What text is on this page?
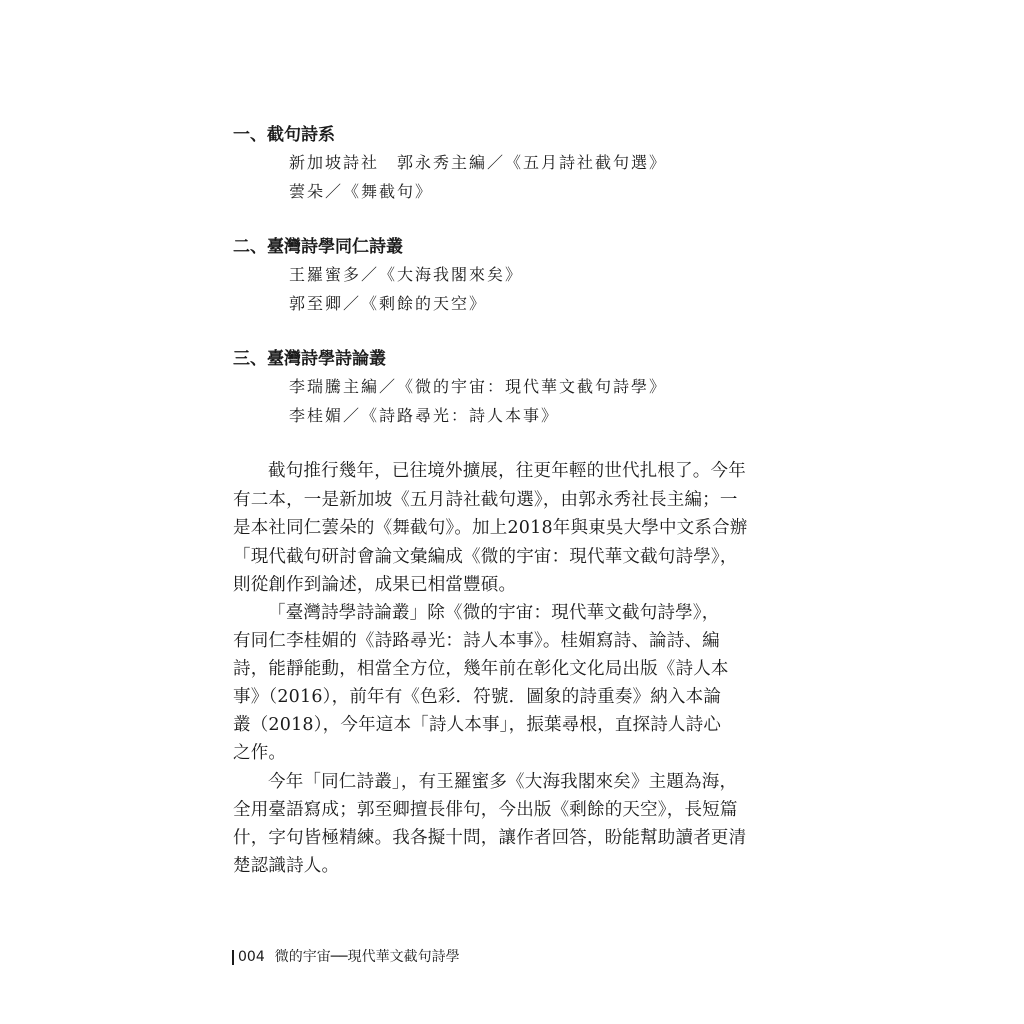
一、截句詩系
新加坡詩社　郭永秀主編／《五月詩社截句選》
蕓朵／《舞截句》
二、臺灣詩學同仁詩叢
王羅蜜多／《大海我閣來矣》
郭至卿／《剩餘的天空》
三、臺灣詩學詩論叢
李瑞騰主編／《微的宇宙：現代華文截句詩學》
李桂媚／《詩路尋光：詩人本事》
截句推行幾年，已往境外擴展，往更年輕的世代扎根了。今年
有二本，一是新加坡《五月詩社截句選》，由郭永秀社長主編；一
是本社同仁蕓朵的《舞截句》。加上2018年與東吳大學中文系合辦
「現代截句研討會論文彙編成《微的宇宙：現代華文截句詩學》，
則從創作到論述，成果已相當豐碩。
「臺灣詩學詩論叢」除《微的宇宙：現代華文截句詩學》，
有同仁李桂媚的《詩路尋光：詩人本事》。桂媚寫詩、論詩、編
詩，能靜能動，相當全方位，幾年前在彰化文化局出版《詩人本
事》（2016），前年有《色彩．符號．圖象的詩重奏》納入本論
叢（2018），今年這本「詩人本事」，振葉尋根，直探詩人詩心
之作。
今年「同仁詩叢」，有王羅蜜多《大海我閣來矣》主題為海，
全用臺語寫成；郭至卿擅長俳句，今出版《剩餘的天空》，長短篇
什，字句皆極精練。我各擬十問，讓作者回答，盼能幫助讀者更清
楚認識詩人。
004 微的宇宙──現代華文截句詩學
